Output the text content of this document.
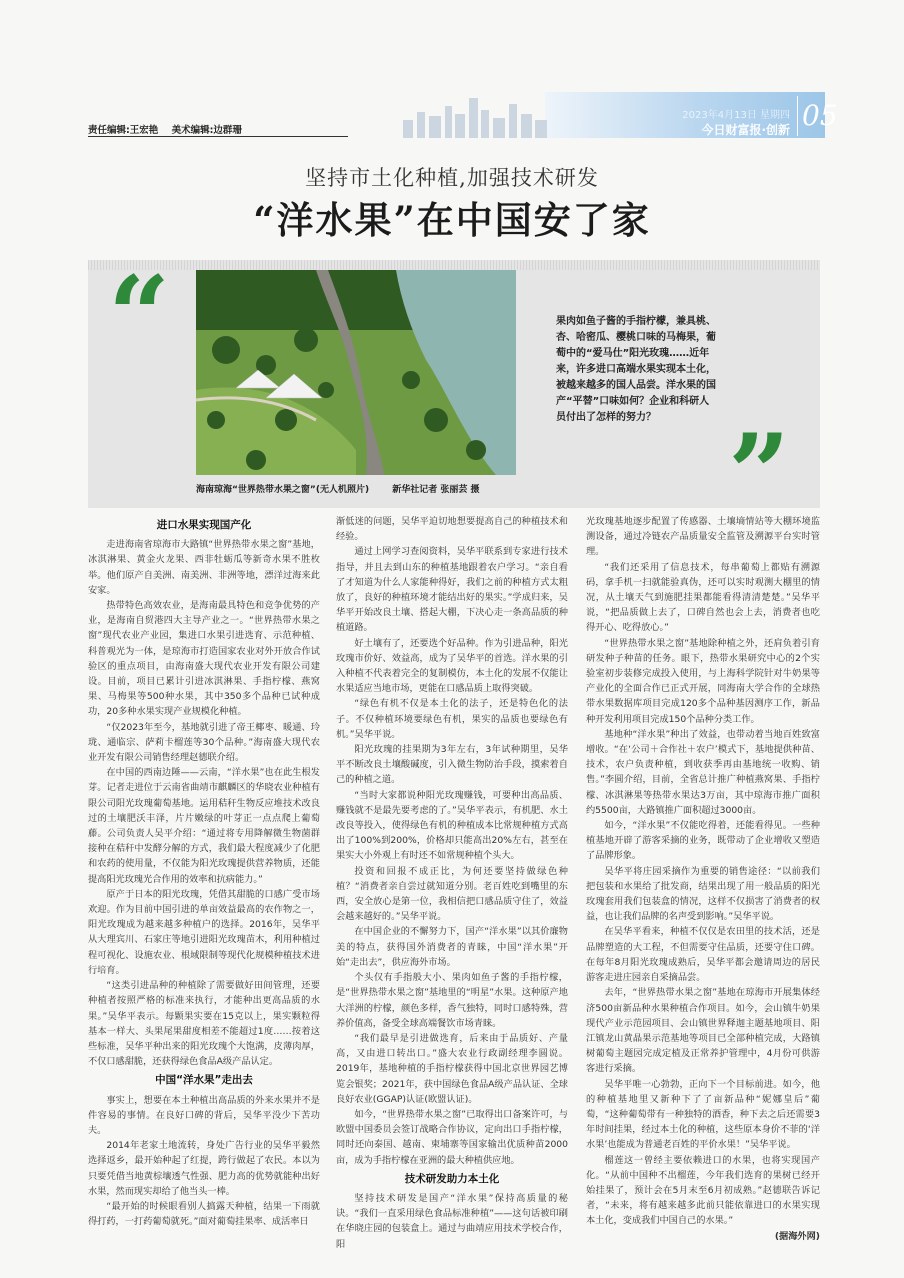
2023年4月13日 星期四
今日财富报·创新 05
责任编辑:王宏艳 美术编辑:边群珊
坚持市土化种植,加强技术研发
“洋水果”在中国安了家
“	果肉如鱼子酱的手指柠檬，兼具桃、杏、哈密瓜、樱桃口味的马梅果，葡萄中的“爱马仕”阳光玫瑰……近年来，许多进口高端水果实现本土化，被越来越多的国人品尝。洋水果的国产“平替”口味如何？企业和科研人员付出了怎样的努力？ ”
海南琼海“世界热带水果之窗”(无人机照片)	新华社记者 张丽芸 摄
进口水果实现国产化

走进海南省琼海市大路镇“世界热带水果之窗”基地，冰淇淋果、黄金火龙果、西非牡蛎瓜等新奇水果不胜枚举。他们原产自美洲、南美洲、非洲等地，漂洋过海来此安家。

热带特色高效农业，是海南最具特色和竞争优势的产业，是海南自贸港四大主导产业之一。“世界热带水果之窗”现代农业产业园，集进口水果引进选育、示范种植、科普观光为一体，是琼海市打造国家农业对外开放合作试验区的重点项目，由海南盛大现代农业开发有限公司建设。目前，项目已累计引进冰淇淋果、手指柠檬、燕窝果、马梅果等500种水果，其中350多个品种已试种成功，20多种水果实现产业规模化种植。

“仅2023年至今，基地就引进了帝王椰枣、暖通、玲珑、通临宗、萨莉卡榴莲等30个品种。”海南盛大现代农业开发有限公司销售经理赵德联介绍。

在中国的西南边陲——云南，“洋水果”也在此生根发芽。记者走进位于云南省曲靖市麒麟区的华晓农业种植有限公司阳光玫瑰葡萄基地。运用秸秆生物反应堆技术改良过的土壤肥沃丰泽，片片嫩绿的叶芽正一点点爬上葡萄藤。公司负责人吴平介绍：“通过将专用降解微生物菌群接种在秸秆中发酵分解的方式，我们最大程度减少了化肥和农药的使用量，不仅能为阳光玫瑰提供营养物质，还能提高阳光玫瑰光合作用的效率和抗病能力。”

原产于日本的阳光玫瑰，凭借其甜脆的口感广受市场欢迎。作为目前中国引进的单亩效益最高的农作物之一，阳光玫瑰成为越来越多种植户的选择。2016年，吴华平从大理宾川、石家庄等地引进阳光玫瑰苗木，利用种植过程可视化、设施农业、根域限制等现代化规模种植技术进行培育。

“这类引进品种的种植除了需要做好田间管理，还要种植者按照严格的标准来执行，才能种出更高品质的水果。”吴华平表示。每颗果实要在15克以上，果实颗粒得基本一样大、头果尾果甜度相差不能超过1度……按着这些标准，吴华平种出来的阳光玫瑰个大饱满，皮薄肉厚，不仅口感甜脆，还获得绿色食品A级产品认定。

中国“洋水果”走出去

事实上，想要在本土种植出高品质的外来水果并不是件容易的事情。在良好口碑的背后，吴华平没少下苦功夫。

2014年老家土地流转，身处广告行业的吴华平毅然选择返乡，最开始种起了红提，跨行做起了农民。本以为只要凭借当地黄棕壤透气性强、肥力高的优势就能种出好水果，然而现实却给了他当头一棒。

“最开始的时候眼看别人搞露天种植，结果一下雨就得打药，一打药葡萄就死。”面对葡萄挂果率、成活率日

渐低迷的问题，吴华平迫切地想要提高自己的种植技术和经验。

通过上网学习查阅资料，吴华平联系到专家进行技术指导，并且去到山东的种植基地跟着农户学习。“亲自看了才知道为什么人家能种得好，我们之前的种植方式太粗放了，良好的种植环境才能结出好的果实。”学成归来，吴华平开始改良土壤、搭起大棚，下决心走一条高品质的种植道路。

好土壤有了，还要选个好品种。作为引进品种，阳光玫瑰市价好、效益高，成为了吴华平的首选。洋水果的引入种植不代表着完全的复制模仿，本土化的发展不仅能让水果适应当地市场，更能在口感品质上取得突破。

“绿色有机不仅是本土化的法子，还是特色化的法子。不仅种植环境要绿色有机，果实的品质也要绿色有机。”吴华平说。

阳光玫瑰的挂果期为3年左右，3年试种期里，吴华平不断改良土壤酸碱度，引入微生物防治手段，摸索着自己的种植之道。

“当时大家都说种阳光玫瑰赚钱，可要种出高品质、赚钱就不是最先要考虑的了。”吴华平表示，有机肥、水土改良等投入，使得绿色有机的种植成本比常规种植方式高出了100%到200%，价格却只能高出20%左右，甚至在果实大小外观上有时还不如常规种植个头大。

投资和回报不成正比，为何还要坚持做绿色种植？“消费者亲自尝过就知道分别。老百姓吃到嘴里的东西，安全放心是第一位，我相信把口感品质守住了，效益会越来越好的。”吴华平说。

在中国企业的不懈努力下，国产“洋水果”以其价廉物美的特点，获得国外消费者的青睐，中国“洋水果”开始“走出去”，供应海外市场。

个头仅有手指般大小、果肉如鱼子酱的手指柠檬，是“世界热带水果之窗”基地里的“明星”水果。这种原产地大洋洲的柠檬，颜色多样，香气独特，同时口感特殊，营养价值高，备受全球高端餐饮市场青睐。

“我们最早是引进做选育，后来由于品质好、产量高，又由进口转出口。”盛大农业行政副经理李圆说。2019年，基地种植的手指柠檬获得中国北京世界园艺博览会银奖；2021年，获中国绿色食品A级产品认证、全球良好农业(GGAP)认证(欧盟认证)。

如今，“世界热带水果之窗”已取得出口备案许可，与欧盟中国委员会签订战略合作协议，定向出口手指柠檬，同时还向泰国、越南、柬埔寨等国家输出优质种苗2000亩，成为手指柠檬在亚洲的最大种植供应地。

技术研发助力本土化

坚持技术研发是国产“洋水果”保持高质量的秘诀。“我们一直采用绿色食品标准种植”——这句话被印刷在华晓庄园的包装盒上。通过与曲靖应用技术学校合作，阳

光玫瑰基地逐步配置了传感器、土壤墒情站等大棚环境监测设备，通过冷链农产品质量安全监管及溯源平台实时管理。

“我们还采用了信息技术，每串葡萄上都贴有溯源码，拿手机一扫就能验真伪，还可以实时观测大棚里的情况，从土壤天气到施肥挂果都能看得清清楚楚。”吴华平说，“把品质做上去了，口碑自然也会上去，消费者也吃得开心、吃得放心。”

“世界热带水果之窗”基地除种植之外，还肩负着引育研发种子种苗的任务。眼下，热带水果研究中心的2个实验室初步装修完成投入使用，与上海科学院针对牛奶果等产业化的全面合作已正式开展，同海南大学合作的全球热带水果数据库项目完成120多个品种基因测序工作，新品种开发利用项目完成150个品种分类工作。

基地种“洋水果”种出了效益，也带动着当地百姓致富增收。“在‘公司＋合作社＋农户’模式下，基地提供种苗、技术，农户负责种植，到收获季再由基地统一收购、销售。”李圆介绍，目前，全省总计推广种植燕窝果、手指柠檬、冰淇淋果等热带水果达3万亩，其中琼海市推广面积约5500亩，大路镇推广面积超过3000亩。

如今，“洋水果”不仅能吃得着，还能看得见。一些种植基地开辟了游客采摘的业务，既带动了企业增收又塑造了品牌形象。

吴华平将庄园采摘作为重要的销售途径：“以前我们把包装和水果给了批发商，结果出现了用一般品质的阳光玫瑰套用我们包装盒的情况，这样不仅损害了消费者的权益，也让我们品牌的名声受到影响。”吴华平说。

在吴华平看来，种植不仅仅是农田里的技术活，还是品牌塑造的大工程，不但需要守住品质，还要守住口碑。在每年8月阳光玫瑰成熟后，吴华平都会邀请周边的居民游客走进庄园亲自采摘品尝。

去年，“世界热带水果之窗”基地在琼海市开展集体经济500亩新品种水果种植合作项目。如今，会山镇牛奶果现代产业示范园项目、会山镇世界释迦主题基地项目、阳江镇龙山黄晶果示范基地等项目已全部种植完成，大路镇树葡萄主题园完成定植及正常养护管理中，4月份可供游客进行采摘。

吴华平唯一心勃勃，正向下一个目标前进。如今，他的种植基地里又新种下了了亩新品种“妮娜皇后”葡萄，“这种葡萄带有一种独特的酒香，种下去之后还需要3年时间挂果，经过本土化的种植，这些原本身价不菲的‘洋水果’也能成为普通老百姓的平价水果！”吴华平说。

榴莲这一曾经主要依赖进口的水果，也将实现国产化。“从前中国种不出榴莲，今年我们选育的果树已经开始挂果了，预计会在5月末至6月初成熟。”赵德联告诉记者，“未来，将有越来越多此前只能依靠进口的水果实现本土化，变成我们中国自己的水果。”

(据海外网)
